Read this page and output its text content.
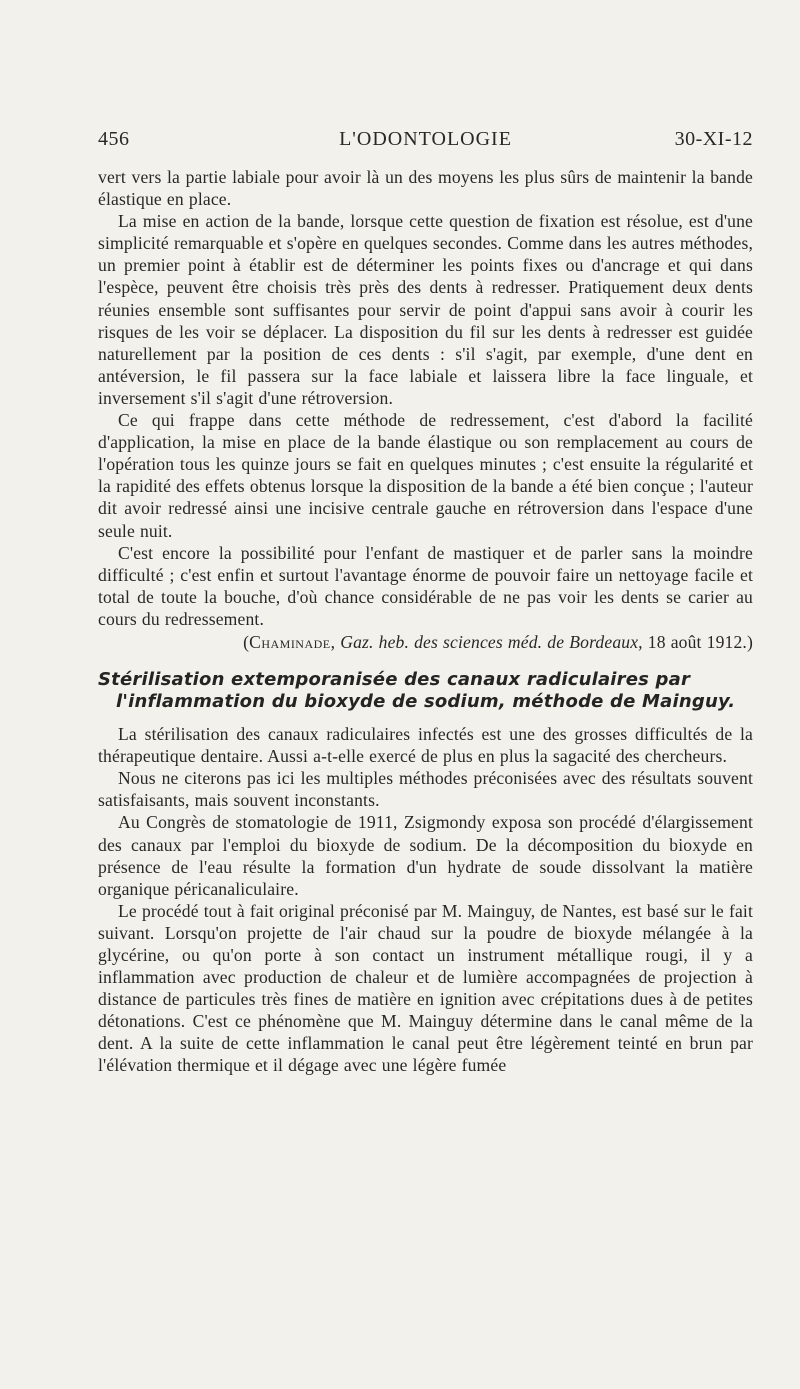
456	L'ODONTOLOGIE	30-XI-12

vert vers la partie labiale pour avoir là un des moyens les plus sûrs de maintenir la bande élastique en place.

La mise en action de la bande, lorsque cette question de fixation est résolue, est d'une simplicité remarquable et s'opère en quelques secondes. Comme dans les autres méthodes, un premier point à établir est de déterminer les points fixes ou d'ancrage et qui dans l'espèce, peuvent être choisis très près des dents à redresser. Pratiquement deux dents réunies ensemble sont suffisantes pour servir de point d'appui sans avoir à courir les risques de les voir se déplacer. La disposition du fil sur les dents à redresser est guidée naturellement par la position de ces dents : s'il s'agit, par exemple, d'une dent en antéversion, le fil passera sur la face labiale et laissera libre la face linguale, et inversement s'il s'agit d'une rétroversion.

Ce qui frappe dans cette méthode de redressement, c'est d'abord la facilité d'application, la mise en place de la bande élastique ou son remplacement au cours de l'opération tous les quinze jours se fait en quelques minutes ; c'est ensuite la régularité et la rapidité des effets obtenus lorsque la disposition de la bande a été bien conçue ; l'auteur dit avoir redressé ainsi une incisive centrale gauche en rétroversion dans l'espace d'une seule nuit.

C'est encore la possibilité pour l'enfant de mastiquer et de parler sans la moindre difficulté ; c'est enfin et surtout l'avantage énorme de pouvoir faire un nettoyage facile et total de toute la bouche, d'où chance considérable de ne pas voir les dents se carier au cours du redressement.

(Chaminade, Gaz. heb. des sciences méd. de Bordeaux, 18 août 1912.)

Stérilisation extemporanisée des canaux radiculaires par l'inflammation du bioxyde de sodium, méthode de Mainguy.

La stérilisation des canaux radiculaires infectés est une des grosses difficultés de la thérapeutique dentaire. Aussi a-t-elle exercé de plus en plus la sagacité des chercheurs.

Nous ne citerons pas ici les multiples méthodes préconisées avec des résultats souvent satisfaisants, mais souvent inconstants.

Au Congrès de stomatologie de 1911, Zsigmondy exposa son procédé d'élargissement des canaux par l'emploi du bioxyde de sodium. De la décomposition du bioxyde en présence de l'eau résulte la formation d'un hydrate de soude dissolvant la matière organique péricanaliculaire.

Le procédé tout à fait original préconisé par M. Mainguy, de Nantes, est basé sur le fait suivant. Lorsqu'on projette de l'air chaud sur la poudre de bioxyde mélangée à la glycérine, ou qu'on porte à son contact un instrument métallique rougi, il y a inflammation avec production de chaleur et de lumière accompagnées de projection à distance de particules très fines de matière en ignition avec crépitations dues à de petites détonations. C'est ce phénomène que M. Mainguy détermine dans le canal même de la dent. A la suite de cette inflammation le canal peut être légèrement teinté en brun par l'élévation thermique et il dégage avec une légère fumée
